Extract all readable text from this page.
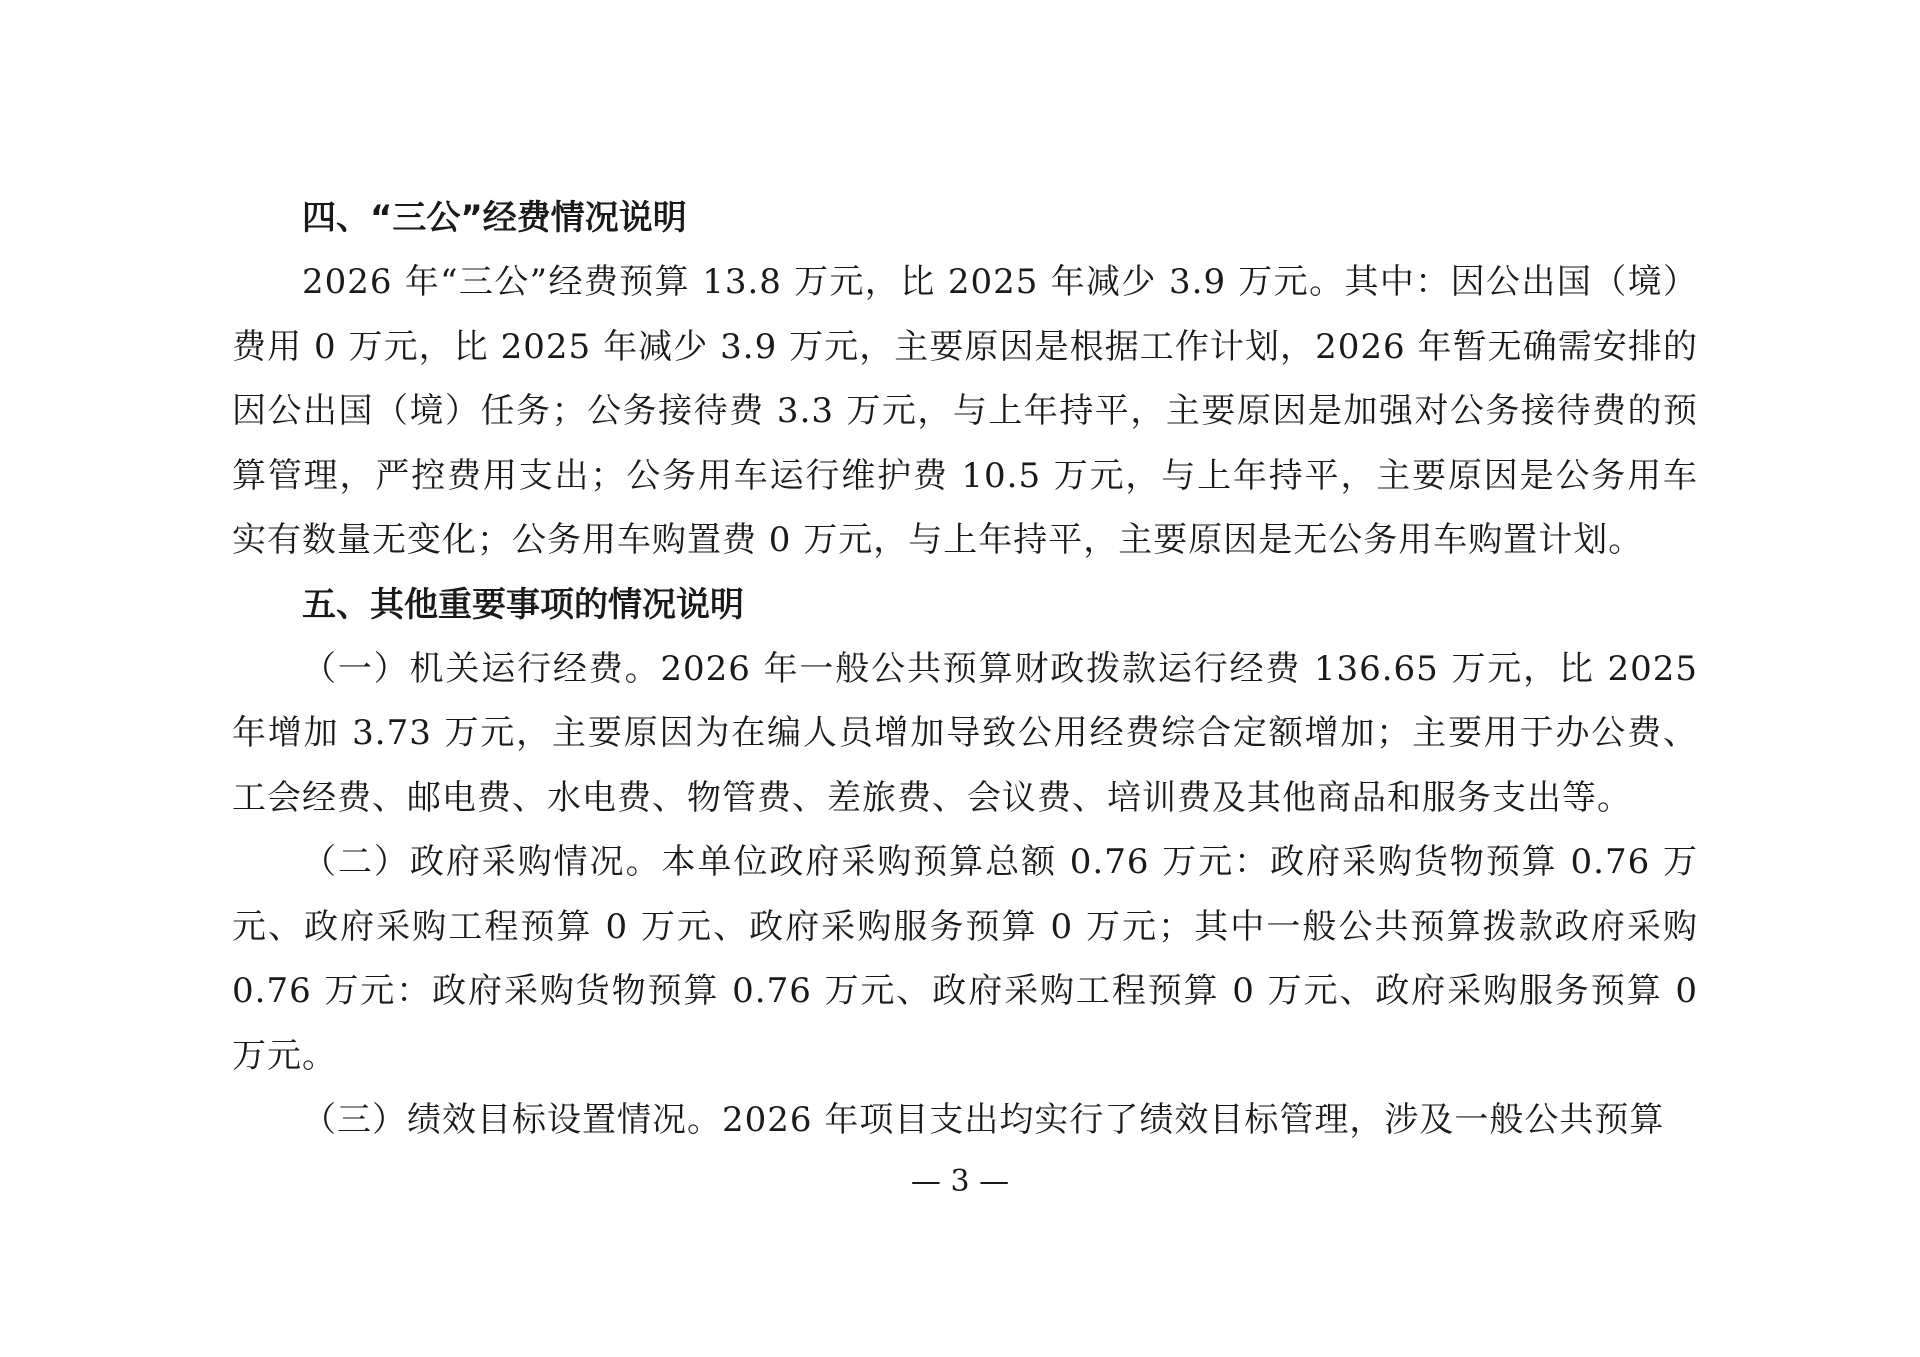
四、“三公”经费情况说明

2026 年“三公”经费预算 13.8 万元，比 2025 年减少 3.9 万元。其中：因公出国（境）费用 0 万元，比 2025 年减少 3.9 万元，主要原因是根据工作计划，2026 年暂无确需安排的因公出国（境）任务；公务接待费 3.3 万元，与上年持平，主要原因是加强对公务接待费的预算管理，严控费用支出；公务用车运行维护费 10.5 万元，与上年持平，主要原因是公务用车实有数量无变化；公务用车购置费 0 万元，与上年持平，主要原因是无公务用车购置计划。

五、其他重要事项的情况说明

（一）机关运行经费。2026 年一般公共预算财政拨款运行经费 136.65 万元，比 2025 年增加 3.73 万元，主要原因为在编人员增加导致公用经费综合定额增加；主要用于办公费、工会经费、邮电费、水电费、物管费、差旅费、会议费、培训费及其他商品和服务支出等。

（二）政府采购情况。本单位政府采购预算总额 0.76 万元：政府采购货物预算 0.76 万元、政府采购工程预算 0 万元、政府采购服务预算 0 万元；其中一般公共预算拨款政府采购 0.76 万元：政府采购货物预算 0.76 万元、政府采购工程预算 0 万元、政府采购服务预算 0 万元。

（三）绩效目标设置情况。2026 年项目支出均实行了绩效目标管理，涉及一般公共预算

— 3 —
